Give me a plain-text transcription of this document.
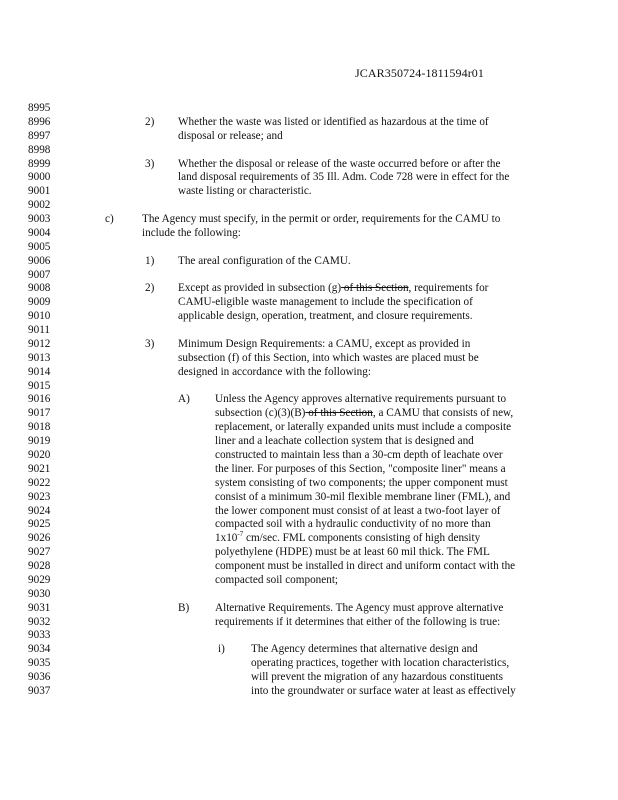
JCAR350724-1811594r01
8995
8996	2) Whether the waste was listed or identified as hazardous at the time of
8997	disposal or release; and
8998
8999	3) Whether the disposal or release of the waste occurred before or after the
9000	land disposal requirements of 35 Ill. Adm. Code 728 were in effect for the
9001	waste listing or characteristic.
9002
9003	c)	The Agency must specify, in the permit or order, requirements for the CAMU to
9004	include the following:
9005
9006	1) The areal configuration of the CAMU.
9007
9008	2) Except as provided in subsection (g) of this Section, requirements for
9009	CAMU-eligible waste management to include the specification of
9010	applicable design, operation, treatment, and closure requirements.
9011
9012	3) Minimum Design Requirements: a CAMU, except as provided in
9013	subsection (f) of this Section, into which wastes are placed must be
9014	designed in accordance with the following:
9015
9016	A) Unless the Agency approves alternative requirements pursuant to
9017	subsection (c)(3)(B) of this Section, a CAMU that consists of new,
9018	replacement, or laterally expanded units must include a composite
9019	liner and a leachate collection system that is designed and
9020	constructed to maintain less than a 30-cm depth of leachate over
9021	the liner. For purposes of this Section, "composite liner" means a
9022	system consisting of two components; the upper component must
9023	consist of a minimum 30-mil flexible membrane liner (FML), and
9024	the lower component must consist of at least a two-foot layer of
9025	compacted soil with a hydraulic conductivity of no more than
9026	$1x10^{-7}$ cm/sec. FML components consisting of high density
9027	polyethylene (HDPE) must be at least 60 mil thick. The FML
9028	component must be installed in direct and uniform contact with the
9029	compacted soil component;
9030
9031	B) Alternative Requirements. The Agency must approve alternative
9032	requirements if it determines that either of the following is true:
9033
9034	i) The Agency determines that alternative design and
9035	operating practices, together with location characteristics,
9036	will prevent the migration of any hazardous constituents
9037	into the groundwater or surface water at least as effectively
